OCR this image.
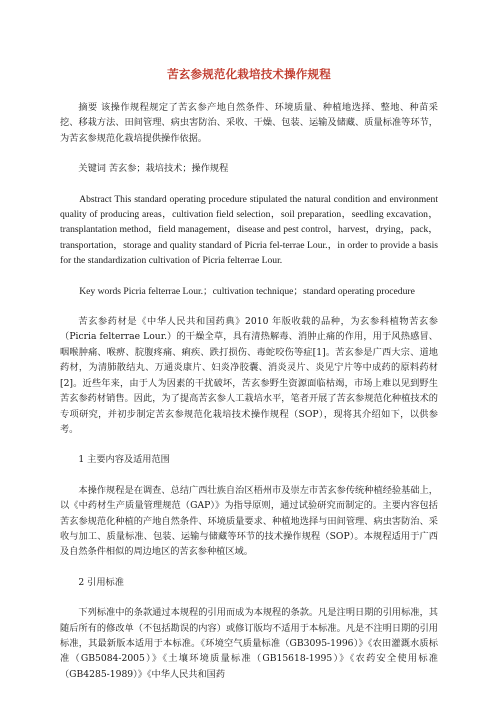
苦玄参规范化栽培技术操作规程

摘要 该操作规程规定了苦玄参产地自然条件、环境质量、种植地选择、整地、种苗采挖、移栽方法、田间管理、病虫害防治、采收、干燥、包装、运输及储藏、质量标准等环节，为苦玄参规范化栽培提供操作依据。

关键词 苦玄参；栽培技术；操作规程

Abstract This standard operating procedure stipulated the natural condition and environment quality of producing areas，cultivation field selection，soil preparation，seedling excavation，transplantation method，field management，disease and pest control，harvest，drying，pack，transportation，storage and quality standard of Picria fel-terrae Lour.，in order to provide a basis for the standardization cultivation of Picria felterrae Lour.

Key words Picria felterrae Lour.；cultivation technique；standard operating procedure

苦玄参药材是《中华人民共和国药典》2010 年版收载的品种，为玄参科植物苦玄参（Picria felterrae Lour.）的干燥全草，具有清热解毒、消肿止痛的作用，用于风热感冒、咽喉肿痛、喉痹、脘腹疼痛、痢疾、跌打损伤、毒蛇咬伤等症[1]。苦玄参是广西大宗、道地药材，为清肺散结丸、万通炎康片、妇炎净胶囊、消炎灵片、炎见宁片等中成药的原料药材[2]。近些年来，由于人为因素的干扰破坏，苦玄参野生资源面临枯竭，市场上难以见到野生苦玄参药材销售。因此，为了提高苦玄参人工栽培水平，笔者开展了苦玄参规范化种植技术的专项研究，并初步制定苦玄参规范化栽培技术操作规程（SOP），现将其介绍如下，以供参考。

1 主要内容及适用范围

本操作规程是在调查、总结广西壮族自治区梧州市及崇左市苦玄参传统种植经验基础上，以《中药材生产质量管理规范（GAP）》为指导原则，通过试验研究而制定的。主要内容包括苦玄参规范化种植的产地自然条件、环境质量要求、种植地选择与田间管理、病虫害防治、采收与加工、质量标准、包装、运输与储藏等环节的技术操作规程（SOP）。本规程适用于广西及自然条件相似的周边地区的苦玄参种植区域。

2 引用标准

下列标准中的条款通过本规程的引用而成为本规程的条款。凡是注明日期的引用标准，其随后所有的修改单（不包括勘误的内容）或修订版均不适用于本标准。凡是不注明日期的引用标准，其最新版本适用于本标准。《环境空气质量标准（GB3095-1996）》《农田灌溉水质标准（GB5084-2005）》《土壤环境质量标准（GB15618-1995）》《农药安全使用标准（GB4285-1989）》《中华人民共和国药
